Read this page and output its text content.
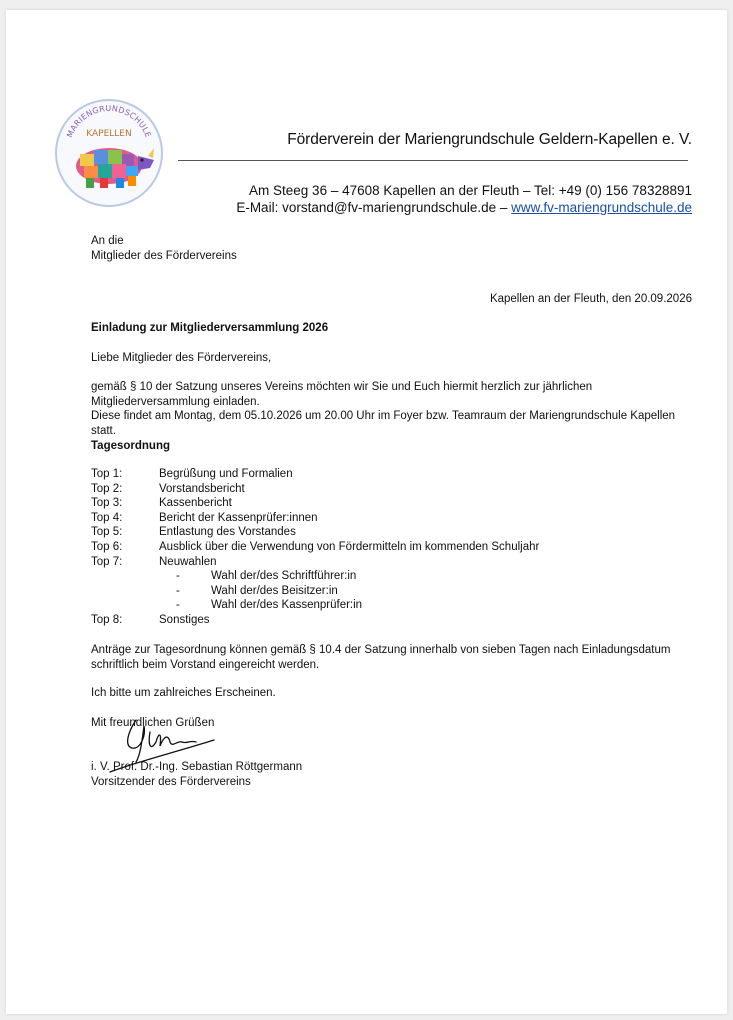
MARIENGRUNDSCHULE
KAPELLEN	Förderverein der Mariengrundschule Geldern-Kapellen e. V.
Am Steeg 36 – 47608 Kapellen an der Fleuth – Tel: +49 (0) 156 78328891
E-Mail: vorstand@fv-mariengrundschule.de – www.fv-mariengrundschule.de
An die
Mitglieder des Fördervereins
Kapellen an der Fleuth, den 20.09.2026
Einladung zur Mitgliederversammlung 2026
Liebe Mitglieder des Fördervereins,
gemäß § 10 der Satzung unseres Vereins möchten wir Sie und Euch hiermit herzlich zur jährlichen Mitgliederversammlung einladen.
Diese findet am Montag, dem 05.10.2026 um 20.00 Uhr im Foyer bzw. Teamraum der Mariengrundschule Kapellen statt.
Tagesordnung
Top 1:	Begrüßung und Formalien
Top 2:	Vorstandsbericht
Top 3:	Kassenbericht
Top 4:	Bericht der Kassenprüfer:innen
Top 5:	Entlastung des Vorstandes
Top 6:	Ausblick über die Verwendung von Fördermitteln im kommenden Schuljahr
Top 7:	Neuwahlen
-	Wahl der/des Schriftführer:in
-	Wahl der/des Beisitzer:in
-	Wahl der/des Kassenprüfer:in
Top 8:	Sonstiges
Anträge zur Tagesordnung können gemäß § 10.4 der Satzung innerhalb von sieben Tagen nach Einladungsdatum schriftlich beim Vorstand eingereicht werden.
Ich bitte um zahlreiches Erscheinen.
Mit freundlichen Grüßen
i. V. Prof. Dr.-Ing. Sebastian Röttgermann
Vorsitzender des Fördervereins
